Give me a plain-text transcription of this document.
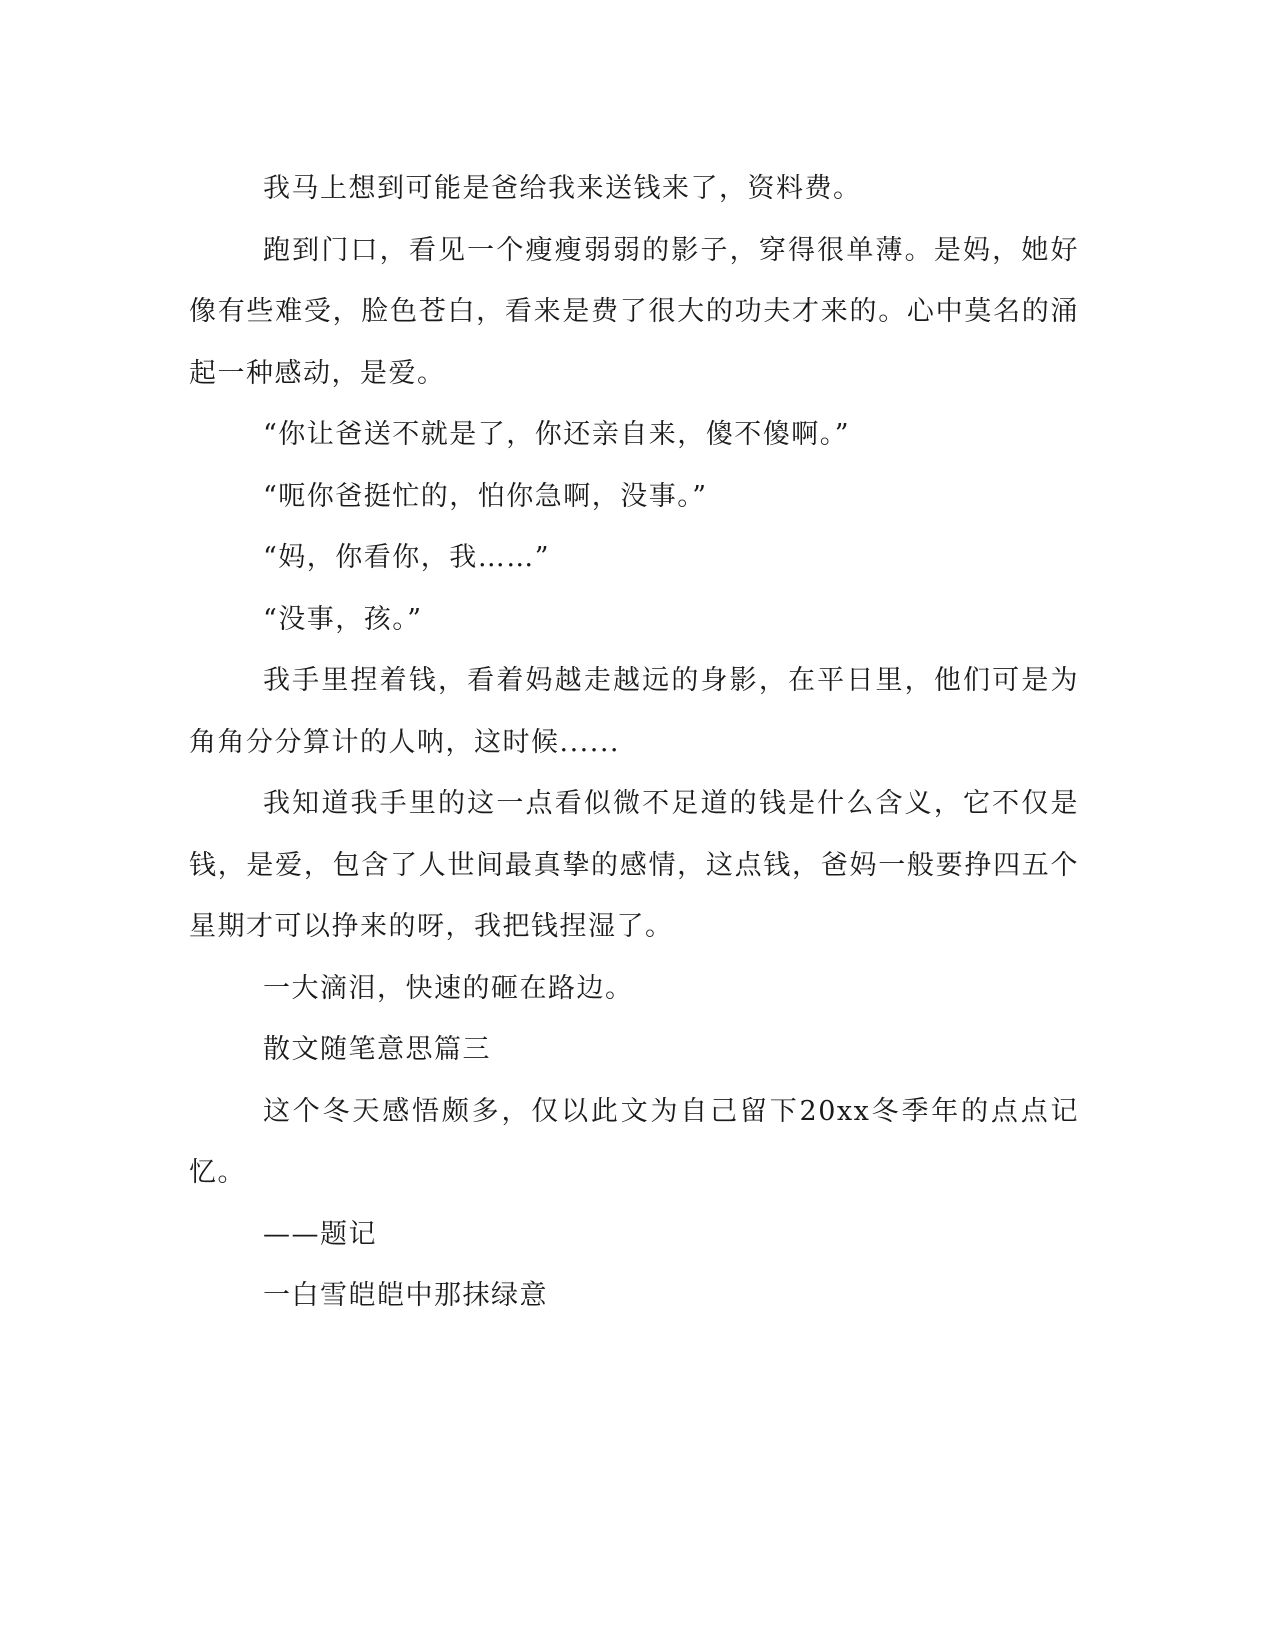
我马上想到可能是爸给我来送钱来了，资料费。

跑到门口，看见一个瘦瘦弱弱的影子，穿得很单薄。是妈，她好像有些难受，脸色苍白，看来是费了很大的功夫才来的。心中莫名的涌起一种感动，是爱。

“你让爸送不就是了，你还亲自来，傻不傻啊。”

“呃你爸挺忙的，怕你急啊，没事。”

“妈，你看你，我……”

“没事，孩。”

我手里捏着钱，看着妈越走越远的身影，在平日里，他们可是为角角分分算计的人呐，这时候......

我知道我手里的这一点看似微不足道的钱是什么含义，它不仅是钱，是爱，包含了人世间最真挚的感情，这点钱，爸妈一般要挣四五个星期才可以挣来的呀，我把钱捏湿了。

一大滴泪，快速的砸在路边。

散文随笔意思篇三

这个冬天感悟颇多，仅以此文为自己留下20xx冬季年的点点记忆。

——题记

一白雪皑皑中那抹绿意
